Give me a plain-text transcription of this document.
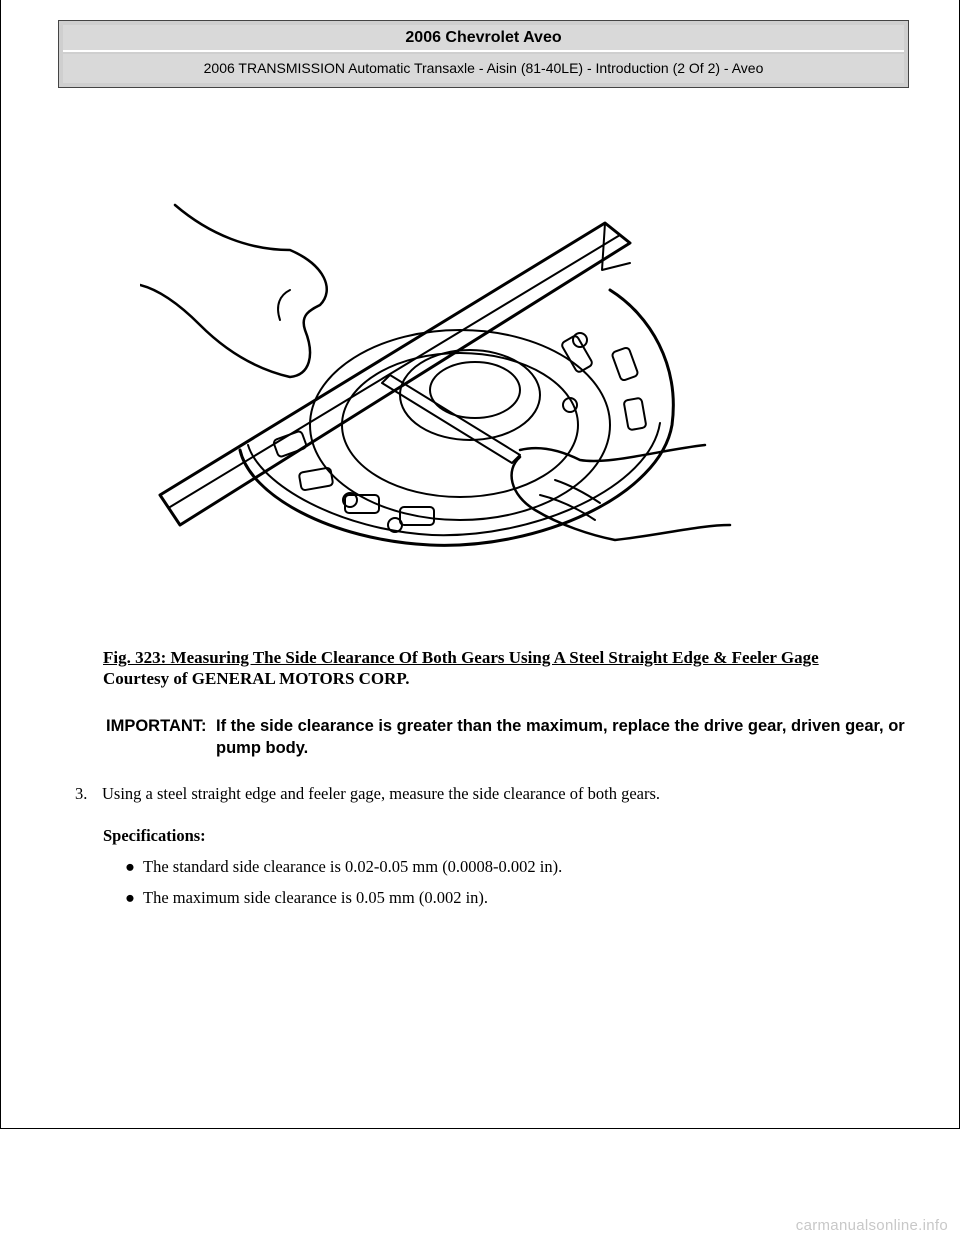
2006 Chevrolet Aveo
2006 TRANSMISSION Automatic Transaxle - Aisin (81-40LE) - Introduction (2 Of 2) - Aveo
Fig. 323: Measuring The Side Clearance Of Both Gears Using A Steel Straight Edge & Feeler Gage
Courtesy of GENERAL MOTORS CORP.
IMPORTANT: If the side clearance is greater than the maximum, replace the drive gear, driven gear, or pump body.
3. Using a steel straight edge and feeler gage, measure the side clearance of both gears.
Specifications:
● The standard side clearance is 0.02-0.05 mm (0.0008-0.002 in).
● The maximum side clearance is 0.05 mm (0.002 in).
carmanualsonline.info
